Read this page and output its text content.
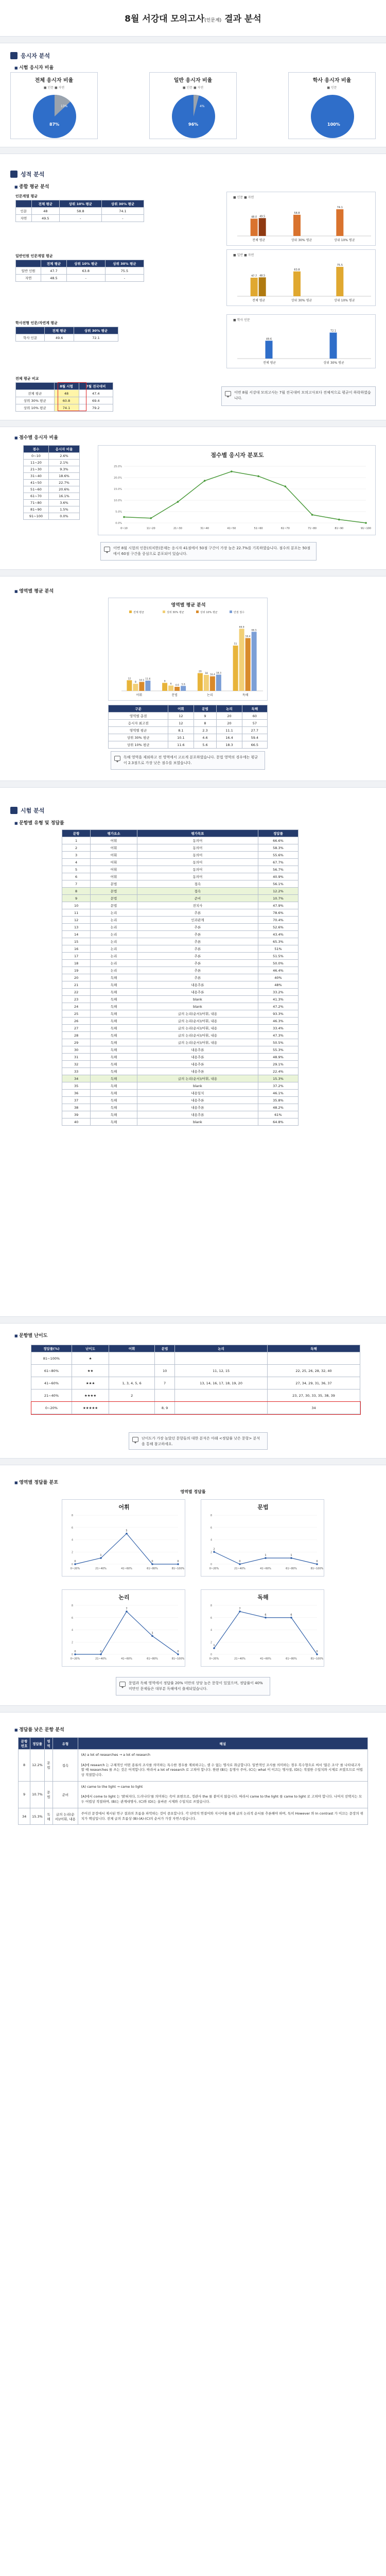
8월 서강대 모의고사(인문계) 결과 분석
응시자 분석
■ 시험 응시자 비율
전체 응시자 비율
■ 인문 ■ 자연
13%
87%
일반 응시자 비율
■ 인문 ■ 자연
4%
96%
학사 응시자 비율
■ 인문
100%
성적 분석
■ 종합 평균 분석
인문계열 평균
	전체 평균	상위 10% 평균	상위 30% 평균
인문	48	58.8	74.1
자연	49.5	-	-
■ 인문 ■ 자연
48.0 49.5
전체 평균
58.8
상위 30% 평균
74.1
상위 10% 평균
일반인원 인문계열 평균
	전체 평균	상위 10% 평균	상위 30% 평균
일반 인원	47.7	63.8	75.5
자연	48.5	-	-
■ 일반 ■ 자연
47.7 48.5
전체 평균
63.8
상위 30% 평균
75.5
상위 10% 평균
학사전형 인문/자연계 평균
	전체 평균	상위 30% 평균
학사 인문	49.6	72.1
■ 학사 인문
49.6
전체 평균
72.1
상위 30% 평균
전체 평균 비교
	8월 시험	7월 전국대비
전체 평균	48	47.4
상위 30% 평균	60.8	69.4
상위 10% 평균	74.1	79.2
이번 8월 서강대 모의고사는 7월 전국대비 모의고사보다 전체적으로 평균이 하락하였습니다.
■ 점수별 응시자 비율
점수	응시자 비율
0~10	2.6%
11~20	2.1%
21~30	9.3%
31~40	18.6%
41~50	22.7%
51~60	20.6%
61~70	16.1%
71~80	3.6%
81~90	1.5%
91~100	0.0%
점수별 응시자 분포도
0.0%
5.0%
10.0%
15.0%
20.0%
25.0%
0~10	11~20	21~30	31~40	41~50	51~60	61~70	71~80	81~90	91~100
이번 8월 시험의 인문(의치한)문제는 응시자 41점에서 50점 구간이 가장 높은 22.7%를 기록하였습니다. 점수의 분포는 50점에서 60점 구간을 중심으로 분포되어 있습니다.
■ 영역별 평균 분석
영역별 평균 분석
전체 평균	상위 30% 평균	상위 10% 평균	만점 점수
12
8
10.1
11.6
어휘
9
6 4.6 5.6
문법
20
18
16.4
18.3
논리
51
69.9
59.4
66.5
독해
구분	어휘	문법	논리	독해
영역별 총점	12	9	20	60
응시자 최고점	12	8	20	57
영역별 평균	8.1	2.3	11.1	27.7
상위 30% 평균	10.1	4.6	16.4	59.4
상위 10% 평균	11.6	5.6	18.3	66.5
독해 영역을 제외하고 전 영역에서 고르게 분포하였습니다. 문법 영역의 경우에는 평균이 2.3점으로 가장 낮은 점수를 보였습니다.
시험 분석
■ 문항별 유형 및 정답률
문항	평가요소	평가목표	정답률
1	어휘	동의어	66.6%
2	어휘	동의어	58.3%
3	어휘	동의어	55.6%
4	어휘	동의어	67.7%
5	어휘	동의어	56.7%
6	어휘	동의어	40.9%
7	문법	접속	56.1%
8	문법	접속	12.2%
9	문법	준비	10.7%
10	문법	전치사	47.9%
11	논리	추론	78.6%
12	논리	인과관계	70.4%
13	논리	추론	52.6%
14	논리	추론	43.4%
15	논리	추론	65.3%
16	논리	추론	51%
17	논리	추론	51.5%
18	논리	추론	50.0%
19	논리	추론	46.4%
20	독해	추론	40%
21	독해	내용추론	48%
22	독해	내용추론	33.2%
23	독해	blank	41.3%
24	독해	blank	47.2%
25	독해	글의 논리(순서)/어휘, 내용	93.3%
26	독해	글의 논리(순서)/어휘, 내용	46.3%
27	독해	글의 논리(순서)/어휘, 내용	33.4%
28	독해	글의 논리(순서)/어휘, 내용	47.3%
29	독해	글의 논리(순서)/어휘, 내용	50.5%
30	독해	내용추론	55.3%
31	독해	내용추론	48.9%
32	독해	내용추론	29.1%
33	독해	내용추론	22.4%
34	독해	글의 논리(순서)/어휘, 내용	15.3%
35	독해	blank	37.2%
36	독해	내용일치	46.1%
37	독해	내용추론	35.8%
38	독해	내용추론	48.2%
39	독해	내용추론	61%
40	독해	blank	64.8%
■ 문항별 난이도
정답률(%)	난이도	어휘	문법	논리	독해
81~100%	★				
61~80%	★★		10	11, 12, 15	22, 25, 26, 28, 32, 40
41~60%	★★★	1, 3, 4, 5, 6	7	13, 14, 16, 17, 18, 19, 20	27, 34, 29, 31, 36, 37
21~40%	★★★★	2			23, 27, 30, 33, 35, 38, 39
0~20%	★★★★★		8, 9		34
난이도가 가장 높았던 문항들의 대한 분석은 아래 <정답률 낮은 문항> 분석을 통해 참고하세요.
■ 영역별 정답률 분포
영역별 정답률
어휘
0
2
4
6
8
0~20%	21~40%	41~60%	61~80%	81~100%
0
1
5
0	0
문법
0
2
4
6
8
0~20%	21~40%	41~60%	61~80%	81~100%
2
0
1	1
0
논리
0
2
4
6
8
0~20%	21~40%	41~60%	61~80%	81~100%
0	0
7
3
0
독해
0
2
4
6
8
0~20%	21~40%	41~60%	61~80%	81~100%
1
7
6	6
0
문법과 독해 영역에서 정답률 20% 미만의 상당 높은 문항이 있었으며, 정답률이 40% 미만인 문제들은 대부분 독해에서 출제되었습니다.
■ 정답률 낮은 문항 분석
문항번호	정답률	영역	유형	해설
8	12.2%	문법	접속	(A) a lot of researches → a lot of research

[A]에 research 는 구체적인 어떤 종류의 조사를 의미하는 특수한 경우를 제외하고는, 셀 수 없는 명사로 취급합니다. 일반적인 조사를 의미하는 경우 복수형으로 써서 '많은 조사' 를 나타내고자 할 때 researches 를 쓰는 것은 어색합니다. 따라서 a lot of research 로 고쳐야 합니다. 한편 (B)는 동명사 주어, (C)는 what 이 이끄는 명사절, (D)는 적절한 수일치와 시제로 쓰였으므로 어법상 적절합니다.
9	10.7%	문법	준비	(A) came to the light → came to light

[A]에서 come to light 는 '밝혀지다, 드러나다'를 의미하는 숙어 표현으로, 정관사 the 를 붙이지 않습니다. 따라서 came to the light 를 came to light 로 고쳐야 합니다. 나머지 선택지는 모두 어법상 적절하며, (B)는 관계대명사, (C)와 (D)는 올바른 시제와 수일치로 쓰였습니다.
34	15.3%	독해	글의 논리(순서)/어휘, 내용	주어진 문장에서 제시된 연구 결과의 흐름을 파악하는 것이 중요합니다. 각 단락의 연결어와 지시어를 통해 글의 논리적 순서를 추론해야 하며, 특히 However 와 In contrast 가 이끄는 문장의 위치가 핵심입니다. 전체 글의 흐름상 (B)-(A)-(C)의 순서가 가장 자연스럽습니다.
